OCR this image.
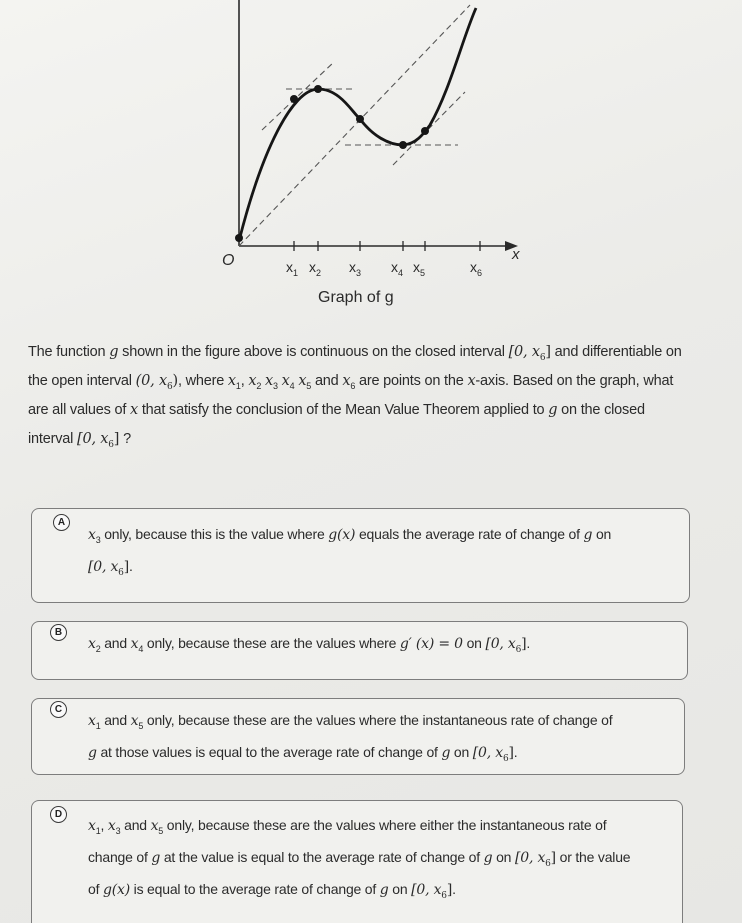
x
O	$x_1$ $x_2$ $x_3$ $x_4$ $x_5$	$x_6$
Graph of g
The function g shown in the figure above is continuous on the closed interval [0, $x_6$] and differentiable on
the open interval (0, $x_6$), where $x_1$, $x_2$ $x_3$ $x_4$ $x_5$ and $x_6$ are points on the x-axis. Based on the graph, what
are all values of x that satisfy the conclusion of the Mean Value Theorem applied to g on the closed
interval [0, $x_6$] ?
A
$x_3$ only, because this is the value where g(x) equals the average rate of change of g on
[0, $x_6$].
B
$x_2$ and $x_4$ only, because these are the values where g′ (x) = 0 on [0, $x_6$].
C
$x_1$ and $x_5$ only, because these are the values where the instantaneous rate of change of
g at those values is equal to the average rate of change of g on [0, $x_6$].
D
$x_1$, $x_3$ and $x_5$ only, because these are the values where either the instantaneous rate of
change of g at the value is equal to the average rate of change of g on [0, $x_6$] or the value
of g(x) is equal to the average rate of change of g on [0, $x_6$].
